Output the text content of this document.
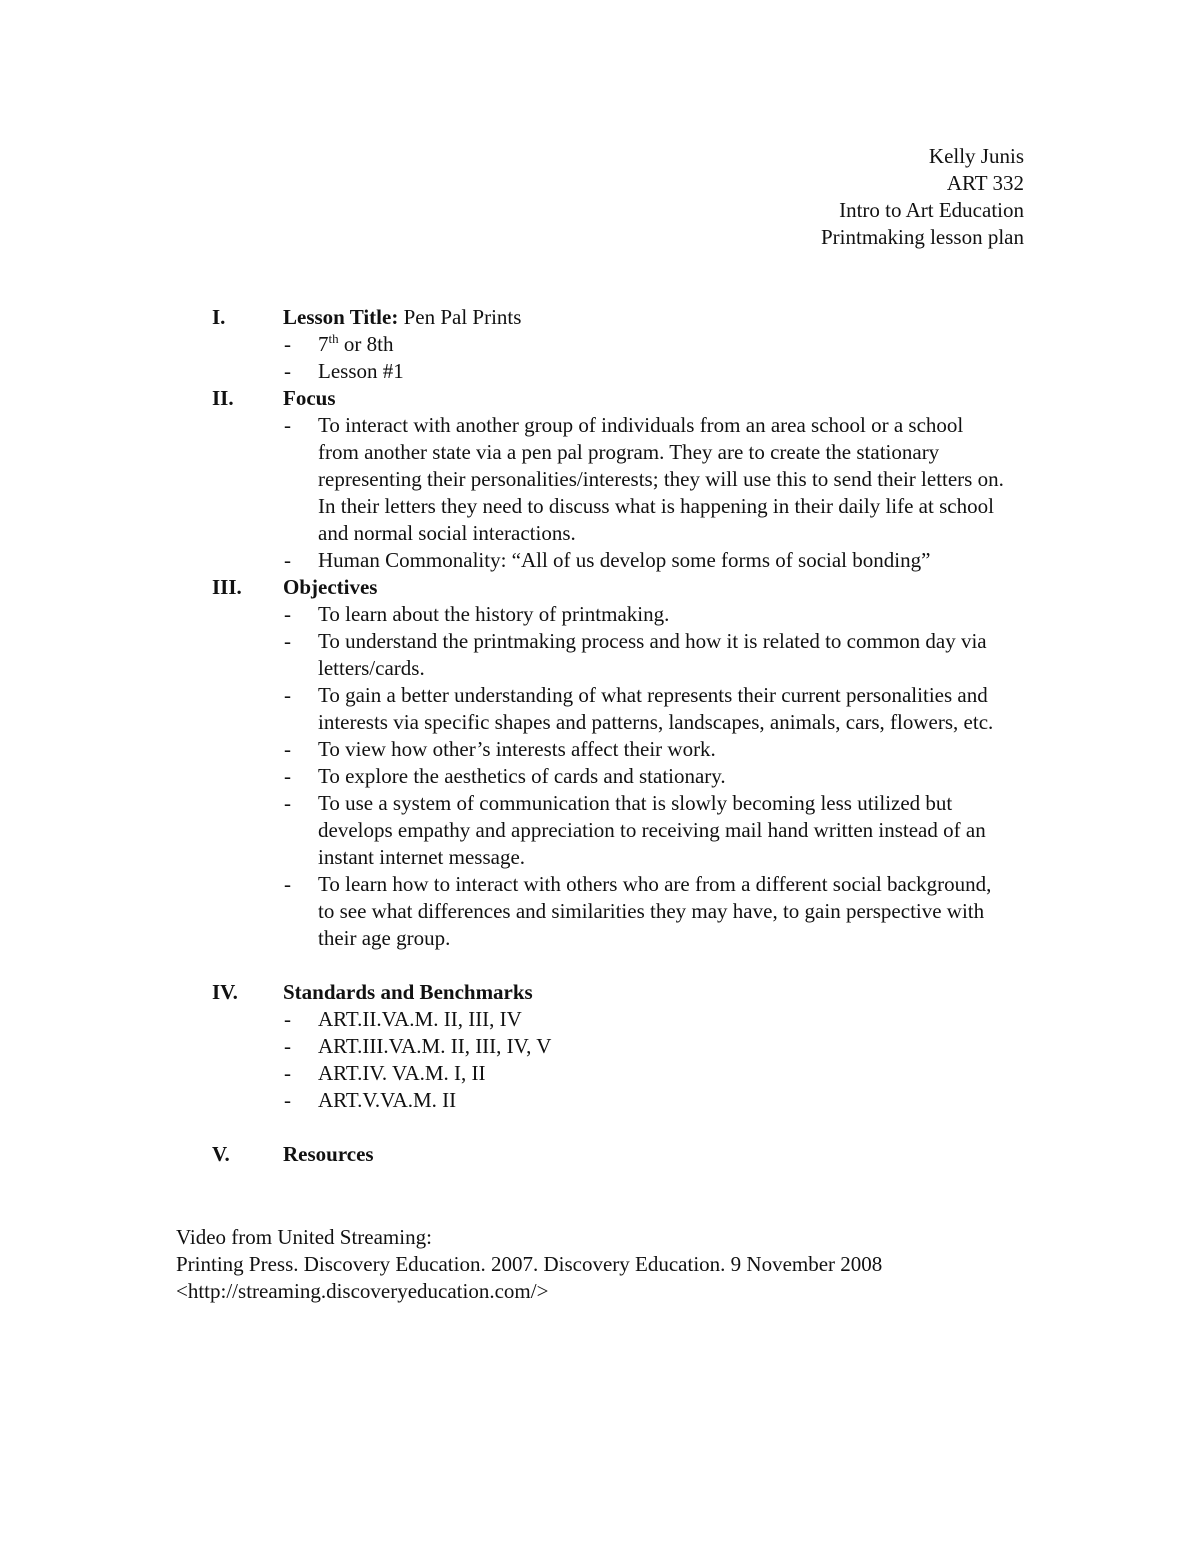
Kelly Junis
ART 332
Intro to Art Education
Printmaking lesson plan
I.	Lesson Title: Pen Pal Prints
- 7th or 8th
- Lesson #1
II. Focus
- To interact with another group of individuals from an area school or a school from another state via a pen pal program. They are to create the stationary representing their personalities/interests; they will use this to send their letters on. In their letters they need to discuss what is happening in their daily life at school and normal social interactions.
- Human Commonality: “All of us develop some forms of social bonding”
III. Objectives
- To learn about the history of printmaking.
- To understand the printmaking process and how it is related to common day via letters/cards.
- To gain a better understanding of what represents their current personalities and interests via specific shapes and patterns, landscapes, animals, cars, flowers, etc.
- To view how other’s interests affect their work.
- To explore the aesthetics of cards and stationary.
- To use a system of communication that is slowly becoming less utilized but develops empathy and appreciation to receiving mail hand written instead of an instant internet message.
- To learn how to interact with others who are from a different social background, to see what differences and similarities they may have, to gain perspective with their age group.
IV. Standards and Benchmarks
- ART.II.VA.M. II, III, IV
- ART.III.VA.M. II, III, IV, V
- ART.IV. VA.M. I, II
- ART.V.VA.M. II
V.	Resources
Video from United Streaming:
Printing Press. Discovery Education. 2007. Discovery Education. 9 November 2008
<http://streaming.discoveryeducation.com/>
